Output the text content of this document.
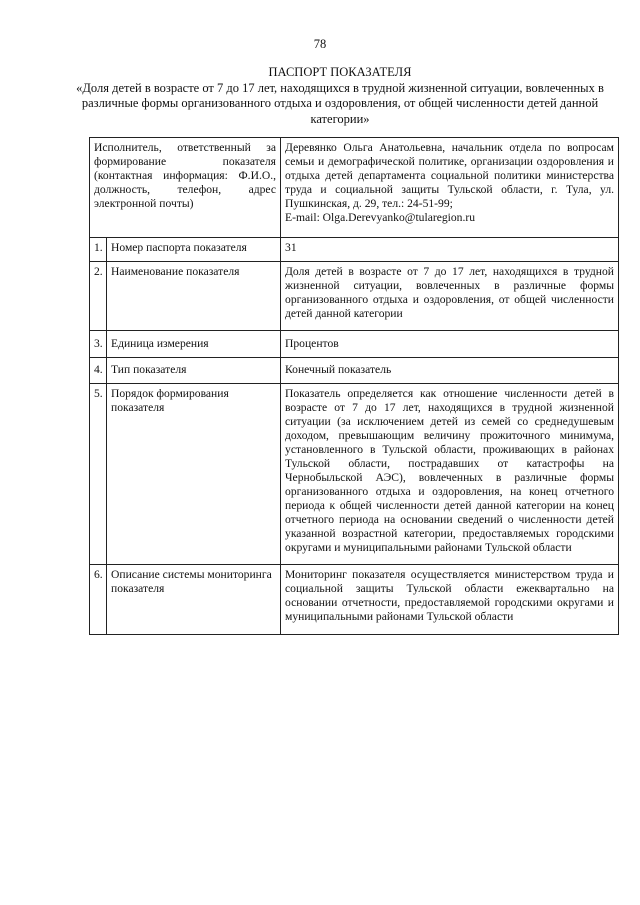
78
ПАСПОРТ ПОКАЗАТЕЛЯ
«Доля детей в возрасте от 7 до 17 лет, находящихся в трудной жизненной ситуации, вовлеченных в различные формы организованного отдыха и оздоровления, от общей численности детей данной категории»
Исполнитель, ответственный за формирование показателя (контактная информация: Ф.И.О., должность, телефон, адрес электронной почты)		Деревянко Ольга Анатольевна, начальник отдела по вопросам семьи и демографической политике, организации оздоровления и отдыха детей департамента социальной политики министерства труда и социальной защиты Тульской области, г. Тула, ул. Пушкинская, д. 29, тел.: 24-51-99;
E-mail: Olga.Derevyanko@tularegion.ru

1.	Номер паспорта показателя	31
2.	Наименование показателя	Доля детей в возрасте от 7 до 17 лет, находящихся в трудной жизненной ситуации, вовлеченных в различные формы организованного отдыха и оздоровления, от общей численности детей данной категории
3.	Единица измерения	Процентов
4.	Тип показателя	Конечный показатель
5.	Порядок формирования показателя	Показатель определяется как отношение численности детей в возрасте от 7 до 17 лет, находящихся в трудной жизненной ситуации (за исключением детей из семей со среднедушевым доходом, превышающим величину прожиточного минимума, установленного в Тульской области, проживающих в районах Тульской области, пострадавших от катастрофы на Чернобыльской АЭС), вовлеченных в различные формы организованного отдыха и оздоровления, на конец отчетного периода к общей численности детей данной категории на конец отчетного периода на основании сведений о численности детей указанной возрастной категории, предоставляемых городскими округами и муниципальными районами Тульской области
6.	Описание системы мониторинга показателя	Мониторинг показателя осуществляется министерством труда и социальной защиты Тульской области ежеквартально на основании отчетности, предоставляемой городскими округами и муниципальными районами Тульской области
